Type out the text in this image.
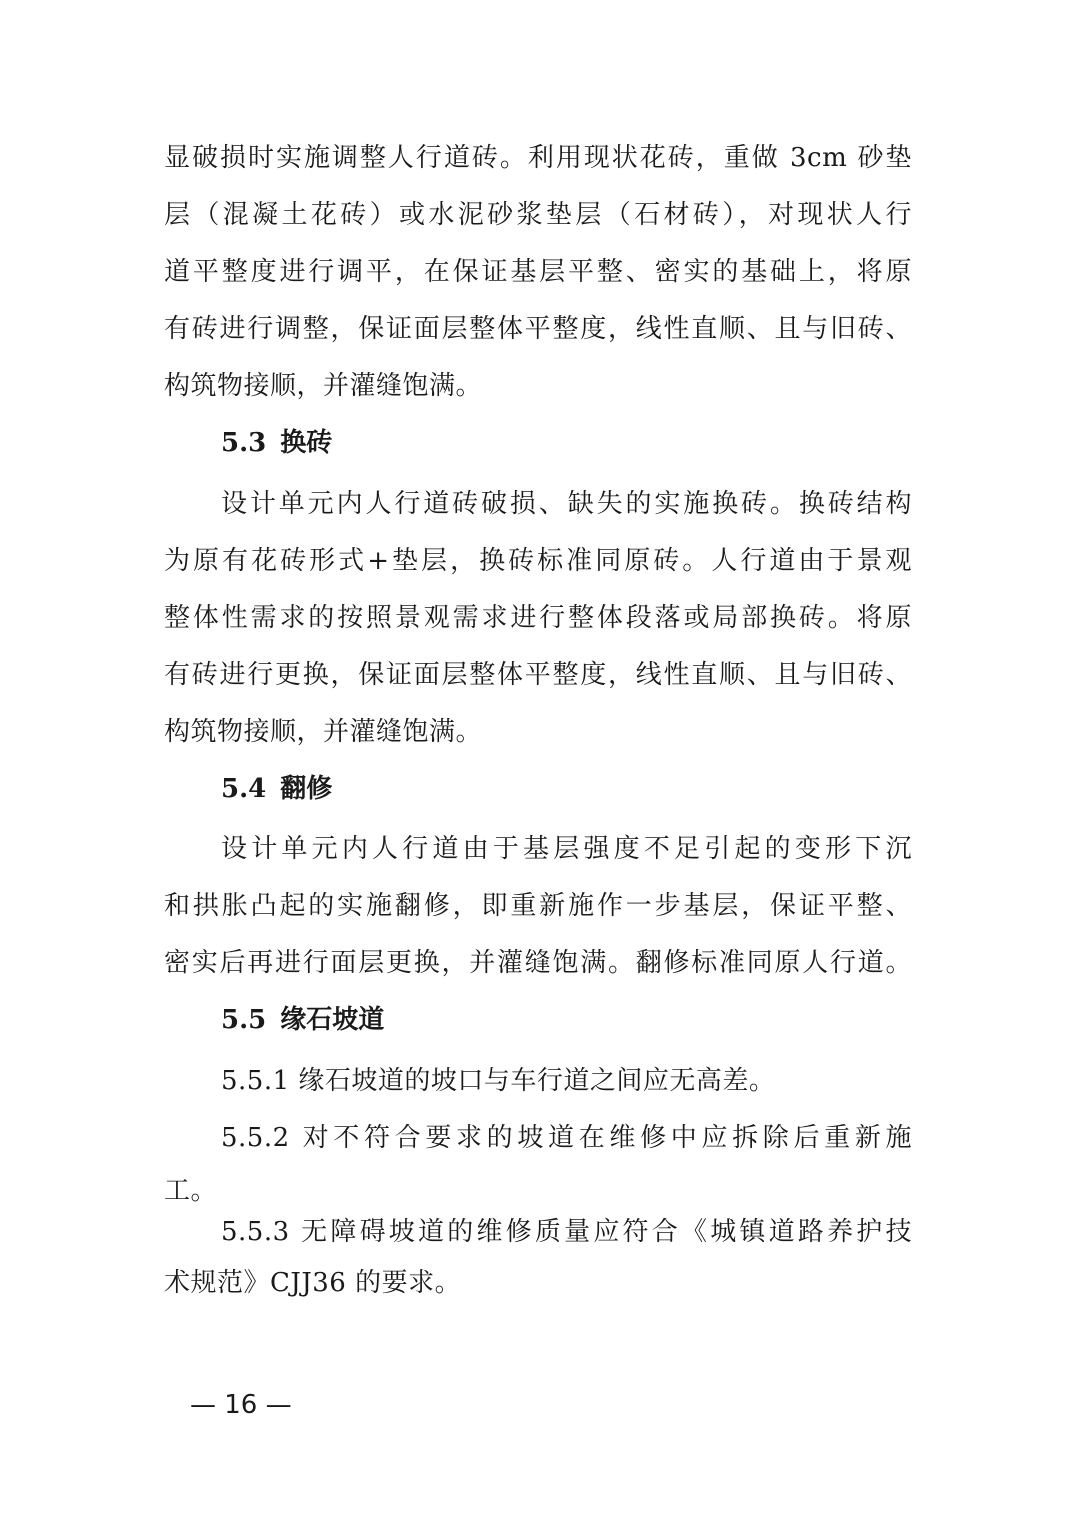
显破损时实施调整人行道砖。利用现状花砖，重做 3cm 砂垫
层（混凝土花砖）或水泥砂浆垫层（石材砖），对现状人行
道平整度进行调平，在保证基层平整、密实的基础上，将原
有砖进行调整，保证面层整体平整度，线性直顺、且与旧砖、
构筑物接顺，并灌缝饱满。
5.3 换砖
设计单元内人行道砖破损、缺失的实施换砖。换砖结构
为原有花砖形式+垫层，换砖标准同原砖。人行道由于景观
整体性需求的按照景观需求进行整体段落或局部换砖。将原
有砖进行更换，保证面层整体平整度，线性直顺、且与旧砖、
构筑物接顺，并灌缝饱满。
5.4 翻修
设计单元内人行道由于基层强度不足引起的变形下沉
和拱胀凸起的实施翻修，即重新施作一步基层，保证平整、
密实后再进行面层更换，并灌缝饱满。翻修标准同原人行道。
5.5 缘石坡道
5.5.1 缘石坡道的坡口与车行道之间应无高差。
5.5.2 对不符合要求的坡道在维修中应拆除后重新施
工。
5.5.3 无障碍坡道的维修质量应符合《城镇道路养护技
术规范》CJJ36 的要求。
— 16 —
